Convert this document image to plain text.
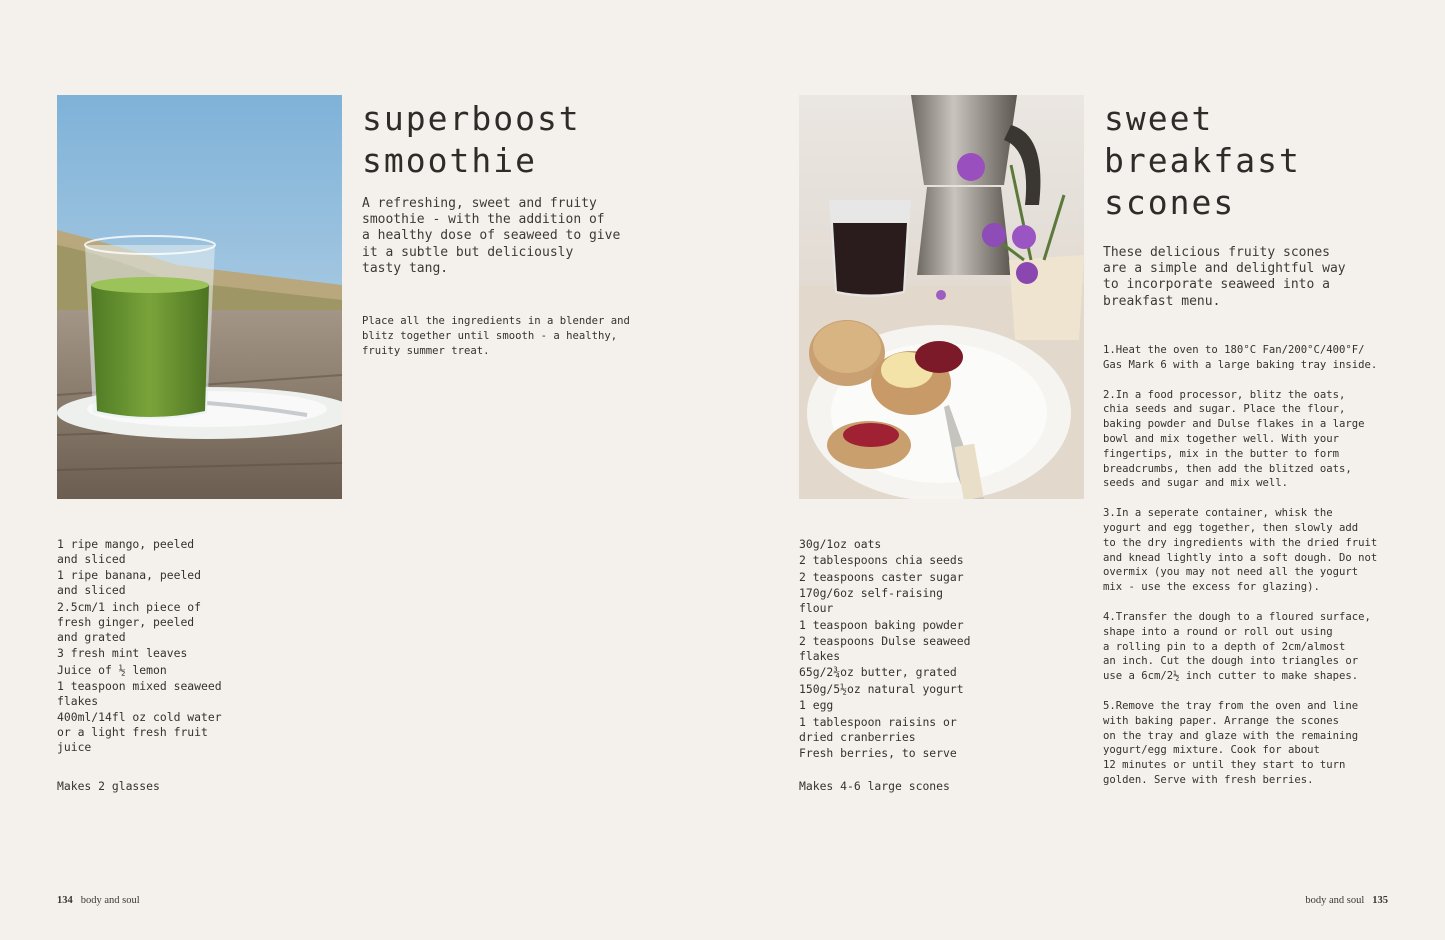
superboost
smoothie

A refreshing, sweet and fruity
smoothie - with the addition of
a healthy dose of seaweed to give
it a subtle but deliciously
tasty tang.

Place all the ingredients in a blender and
blitz together until smooth - a healthy,
fruity summer treat.

1 ripe mango, peeled
and sliced
1 ripe banana, peeled
and sliced
2.5cm/1 inch piece of
fresh ginger, peeled
and grated
3 fresh mint leaves
Juice of ½ lemon
1 teaspoon mixed seaweed
flakes
400ml/14fl oz cold water
or a light fresh fruit
juice

Makes 2 glasses

134 body and soul
sweet
breakfast
scones

These delicious fruity scones
are a simple and delightful way
to incorporate seaweed into a
breakfast menu.

30g/1oz oats
2 tablespoons chia seeds
2 teaspoons caster sugar
170g/6oz self-raising
flour
1 teaspoon baking powder
2 teaspoons Dulse seaweed
flakes
65g/2¾oz butter, grated
150g/5½oz natural yogurt
1 egg
1 tablespoon raisins or
dried cranberries
Fresh berries, to serve

Makes 4-6 large scones

1.Heat the oven to 180°C Fan/200°C/400°F/
Gas Mark 6 with a large baking tray inside.
2.In a food processor, blitz the oats,
chia seeds and sugar. Place the flour,
baking powder and Dulse flakes in a large
bowl and mix together well. With your
fingertips, mix in the butter to form
breadcrumbs, then add the blitzed oats,
seeds and sugar and mix well.
3.In a seperate container, whisk the
yogurt and egg together, then slowly add
to the dry ingredients with the dried fruit
and knead lightly into a soft dough. Do not
overmix (you may not need all the yogurt
mix - use the excess for glazing).
4.Transfer the dough to a floured surface,
shape into a round or roll out using
a rolling pin to a depth of 2cm/almost
an inch. Cut the dough into triangles or
use a 6cm/2½ inch cutter to make shapes.
5.Remove the tray from the oven and line
with baking paper. Arrange the scones
on the tray and glaze with the remaining
yogurt/egg mixture. Cook for about
12 minutes or until they start to turn
golden. Serve with fresh berries.
body and soul 135
